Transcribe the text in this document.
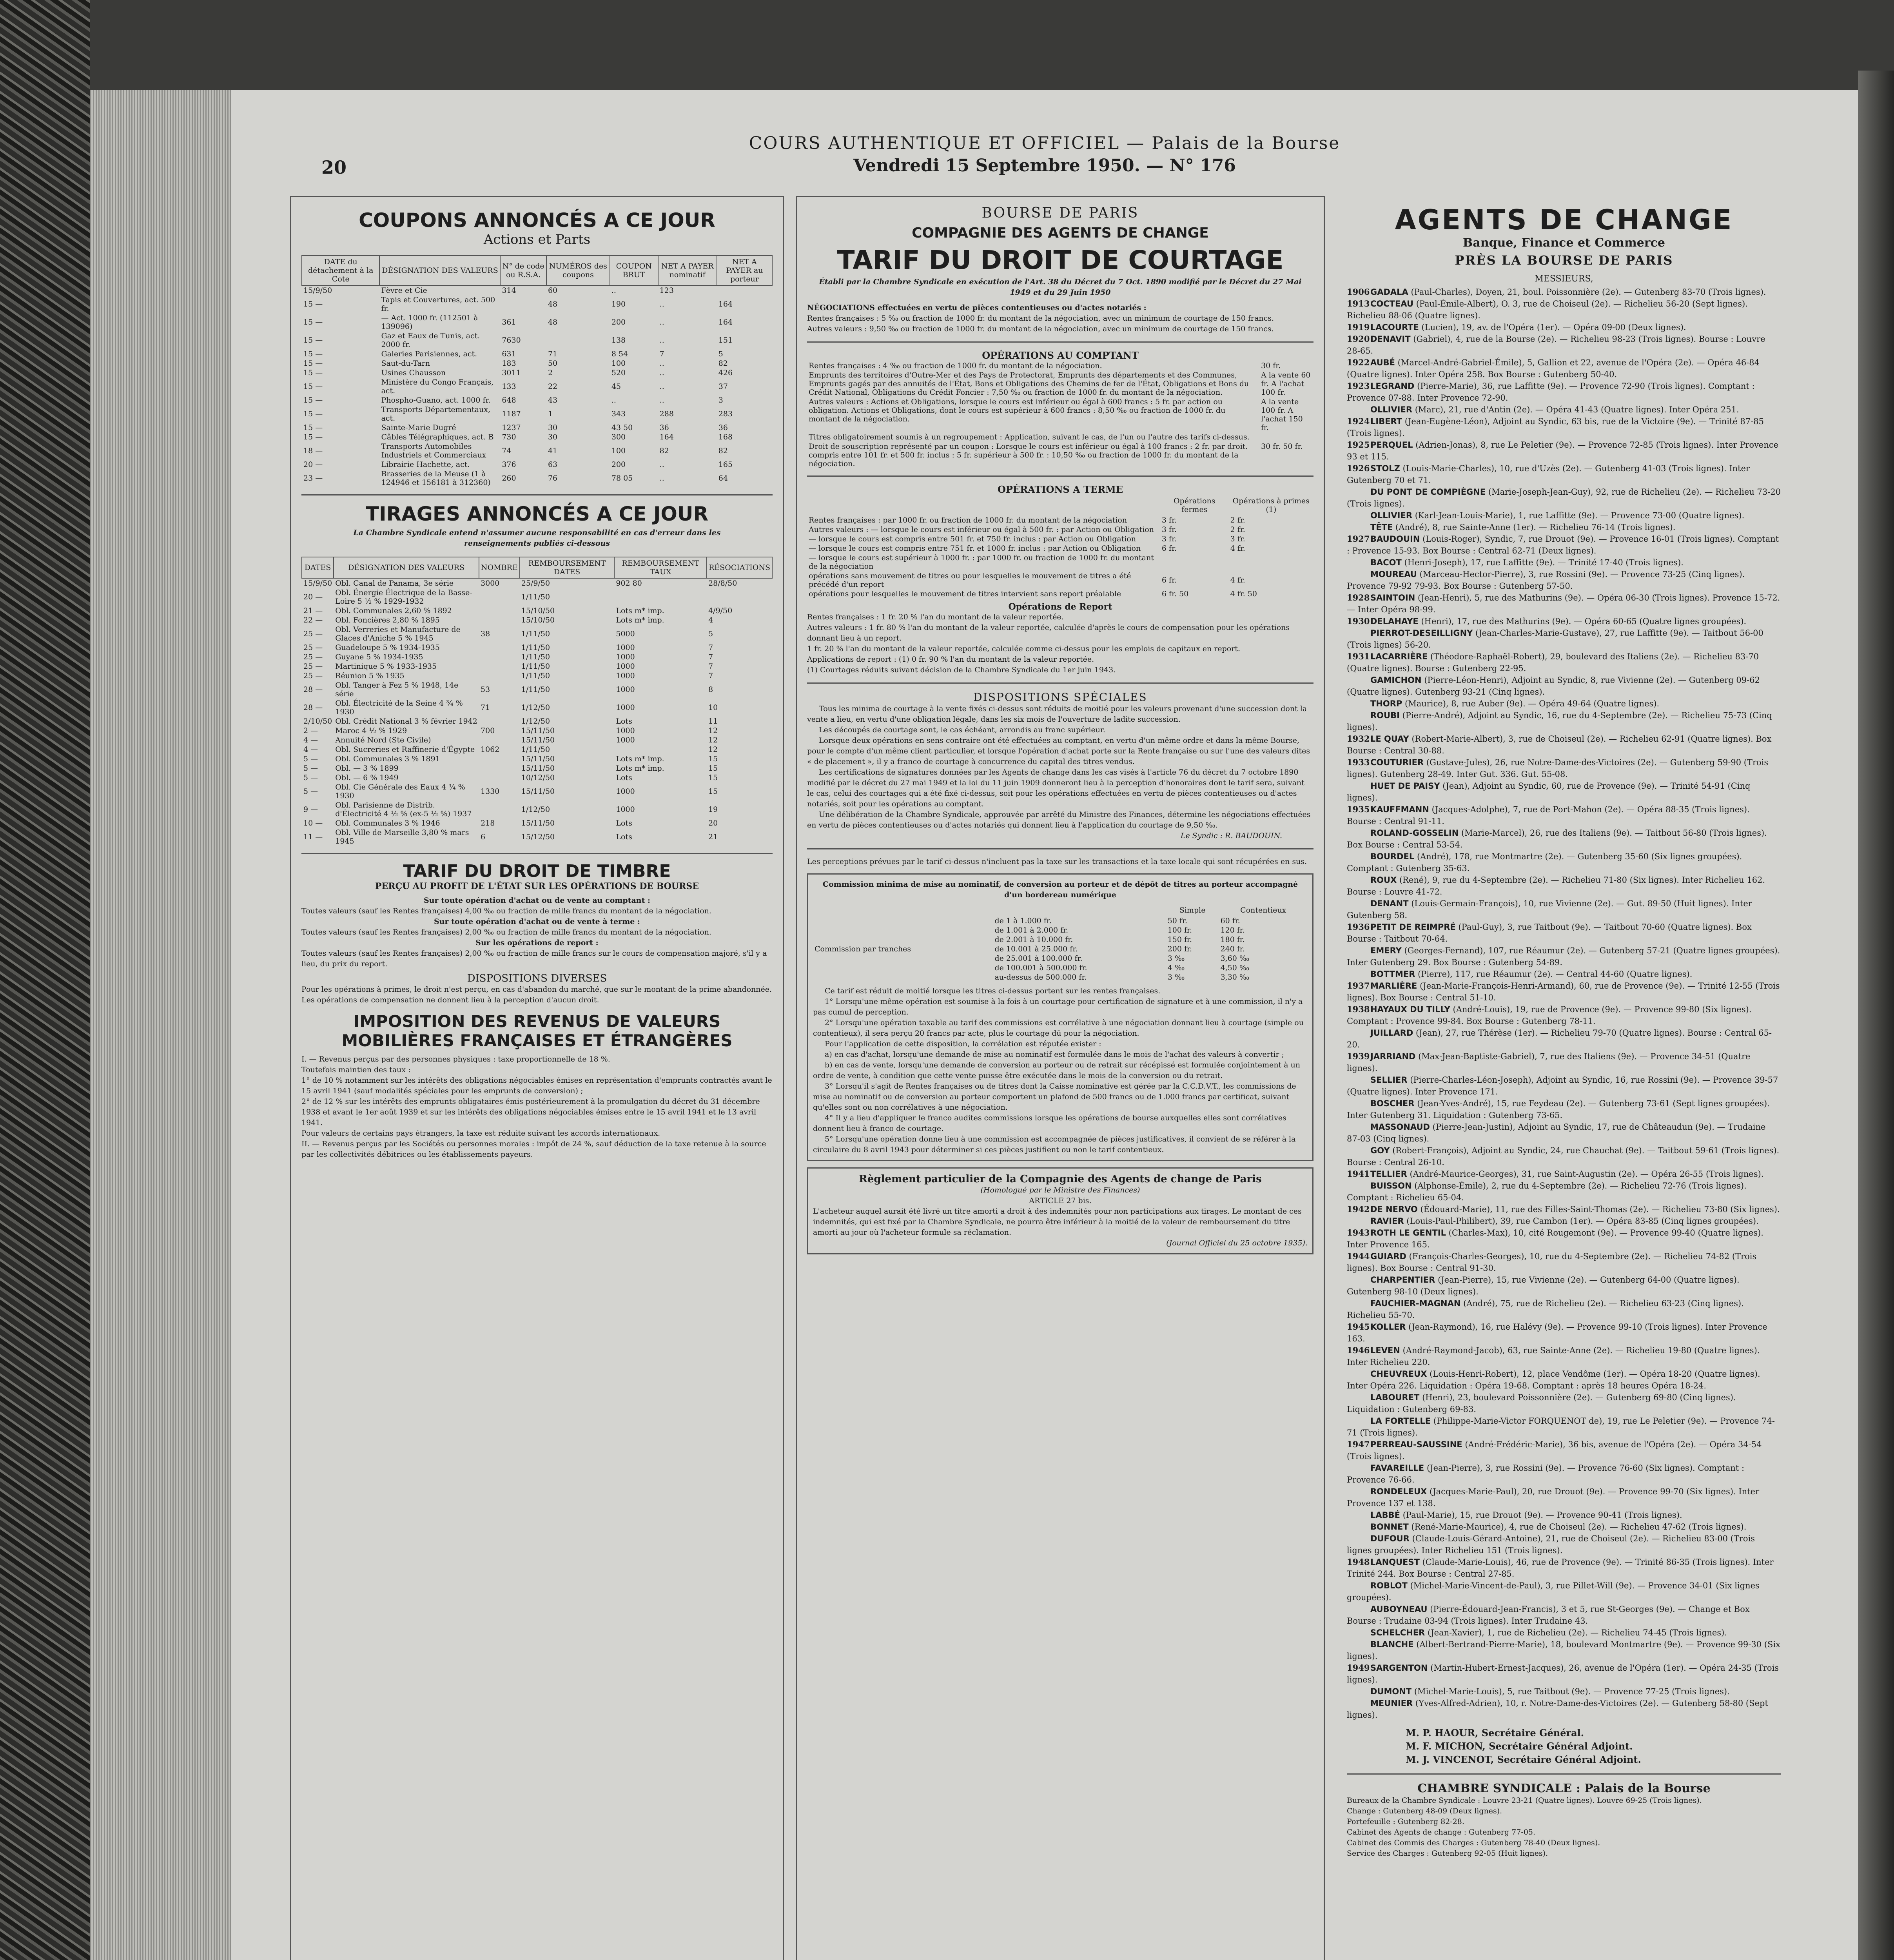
20
COURS AUTHENTIQUE ET OFFICIEL — Palais de la Bourse
Vendredi 15 Septembre 1950. — N° 176
COUPONS ANNONCÉS A CE JOUR
Actions et Parts
DATE du détachement à la Cote	DÉSIGNATION DES VALEURS	N° de code ou R.S.A.	NUMÉROS des coupons	COUPON BRUT	NET A PAYER nominatif	NET A PAYER au porteur
15/9/50	Fèvre et Cie	314	60	..	123	
15 —	Tapis et Couvertures, act. 500 fr.		48	190	..	164
15 —	— Act. 1000 fr. (112501 à 139096)	361	48	200	..	164
15 —	Gaz et Eaux de Tunis, act. 2000 fr.	7630		138	..	151
15 —	Galeries Parisiennes, act.	631	71	8 54	7	5
15 —	Saut-du-Tarn	183	50	100	..	82
15 —	Usines Chausson	3011	2	520	..	426
15 —	Ministère du Congo Français, act.	133	22	45	..	37
15 —	Phospho-Guano, act. 1000 fr.	648	43	..	..	3
15 —	Transports Départementaux, act.	1187	1	343	288	283
15 —	Sainte-Marie Dugré	1237	30	43 50	36	36
15 —	Câbles Télégraphiques, act. B	730	30	300	164	168
18 —	Transports Automobiles Industriels et Commerciaux	74	41	100	82	82
20 —	Librairie Hachette, act.	376	63	200	..	165
23 —	Brasseries de la Meuse (1 à 124946 et 156181 à 312360)	260	76	78 05	..	64
TIRAGES ANNONCÉS A CE JOUR
La Chambre Syndicale entend n'assumer aucune responsabilité en cas d'erreur dans les renseignements publiés ci-dessous
DATES	DÉSIGNATION DES VALEURS	NOMBRE	REMBOURSEMENT DATES	REMBOURSEMENT TAUX	RÉSOCIATIONS
15/9/50	Obl. Canal de Panama, 3e série	3000	25/9/50	902 80	28/8/50
20 —	Obl. Énergie Électrique de la Basse-Loire 5 ½ % 1929-1932		1/11/50		
21 —	Obl. Communales 2,60 % 1892		15/10/50	Lots m* imp.	4/9/50
22 —	Obl. Foncières 2,80 % 1895		15/10/50	Lots m* imp.	4
25 —	Obl. Verreries et Manufacture de Glaces d'Aniche 5 % 1945	38	1/11/50	5000	5
25 —	Guadeloupe 5 % 1934-1935		1/11/50	1000	7
25 —	Guyane 5 % 1934-1935		1/11/50	1000	7
25 —	Martinique 5 % 1933-1935		1/11/50	1000	7
25 —	Réunion 5 % 1935		1/11/50	1000	7
28 —	Obl. Tanger à Fez 5 % 1948, 14e série	53	1/11/50	1000	8
28 —	Obl. Électricité de la Seine 4 ¾ % 1930	71	1/12/50	1000	10
2/10/50	Obl. Crédit National 3 % février 1942		1/12/50	Lots	11
2 —	Maroc 4 ½ % 1929	700	15/11/50	1000	12
4 —	Annuité Nord (Ste Civile)		15/11/50	1000	12
4 —	Obl. Sucreries et Raffinerie d'Égypte	1062	1/11/50		12
5 —	Obl. Communales 3 % 1891		15/11/50	Lots m* imp.	15
5 —	Obl. — 3 % 1899		15/11/50	Lots m* imp.	15
5 —	Obl. — 6 % 1949		10/12/50	Lots	15
5 —	Obl. Cie Générale des Eaux 4 ¾ % 1930	1330	15/11/50	1000	15
9 —	Obl. Parisienne de Distrib. d'Électricité 4 ½ % (ex-5 ½ %) 1937		1/12/50	1000	19
10 —	Obl. Communales 3 % 1946	218	15/11/50	Lots	20
11 —	Obl. Ville de Marseille 3,80 % mars 1945	6	15/12/50	Lots	21
TARIF DU DROIT DE TIMBRE
PERÇU AU PROFIT DE L'ÉTAT SUR LES OPÉRATIONS DE BOURSE
Sur toute opération d'achat ou de vente au comptant :
Toutes valeurs (sauf les Rentes françaises) 4,00 ‰ ou fraction de mille francs du montant de la négociation.
Sur toute opération d'achat ou de vente à terme :
Toutes valeurs (sauf les Rentes françaises) 2,00 ‰ ou fraction de mille francs du montant de la négociation.
Sur les opérations de report :
Toutes valeurs (sauf les Rentes françaises) 2,00 ‰ ou fraction de mille francs sur le cours de compensation majoré, s'il y a lieu, du prix du report.
DISPOSITIONS DIVERSES
Pour les opérations à primes, le droit n'est perçu, en cas d'abandon du marché, que sur le montant de la prime abandonnée.
Les opérations de compensation ne donnent lieu à la perception d'aucun droit.
IMPOSITION DES REVENUS DE VALEURS MOBILIÈRES FRANÇAISES ET ÉTRANGÈRES
I. — Revenus perçus par des personnes physiques : taxe proportionnelle de 18 %.
Toutefois maintien des taux :
1° de 10 % notamment sur les intérêts des obligations négociables émises en représentation d'emprunts contractés avant le 15 avril 1941 (sauf modalités spéciales pour les emprunts de conversion) ;
2° de 12 % sur les intérêts des emprunts obligataires émis postérieurement à la promulgation du décret du 31 décembre 1938 et avant le 1er août 1939 et sur les intérêts des obligations négociables émises entre le 15 avril 1941 et le 13 avril 1941.
Pour valeurs de certains pays étrangers, la taxe est réduite suivant les accords internationaux.
II. — Revenus perçus par les Sociétés ou personnes morales : impôt de 24 %, sauf déduction de la taxe retenue à la source par les collectivités débitrices ou les établissements payeurs.
BOURSE DE PARIS
COMPAGNIE DES AGENTS DE CHANGE
TARIF DU DROIT DE COURTAGE
Établi par la Chambre Syndicale en exécution de l'Art. 38 du Décret du 7 Oct. 1890 modifié par le Décret du 27 Mai 1949 et du 29 Juin 1950
NÉGOCIATIONS effectuées en vertu de pièces contentieuses ou d'actes notariés :
Rentes françaises : 5 ‰ ou fraction de 1000 fr. du montant de la négociation, avec un minimum de courtage de 150 francs.
Autres valeurs : 9,50 ‰ ou fraction de 1000 fr. du montant de la négociation, avec un minimum de courtage de 150 francs.
OPÉRATIONS AU COMPTANT
Rentes françaises : 4 ‰ ou fraction de 1000 fr. du montant de la négociation.	30 fr.
Emprunts des territoires d'Outre-Mer et des Pays de Protectorat, Emprunts des départements et des Communes, Emprunts gagés par des annuités de l'État, Bons et Obligations des Chemins de fer de l'État, Obligations et Bons du Crédit National, Obligations du Crédit Foncier : 7,50 ‰ ou fraction de 1000 fr. du montant de la négociation.	A la vente 60 fr. A l'achat 100 fr.
Autres valeurs : Actions et Obligations, lorsque le cours est inférieur ou égal à 600 francs : 5 fr. par action ou obligation. Actions et Obligations, dont le cours est supérieur à 600 francs : 8,50 ‰ ou fraction de 1000 fr. du montant de la négociation.	A la vente 100 fr. A l'achat 150 fr.
Titres obligatoirement soumis à un regroupement : Application, suivant le cas, de l'un ou l'autre des tarifs ci-dessus.	
Droit de souscription représenté par un coupon : Lorsque le cours est inférieur ou égal à 100 francs : 2 fr. par droit. compris entre 101 fr. et 500 fr. inclus : 5 fr. supérieur à 500 fr. : 10,50 ‰ ou fraction de 1000 fr. du montant de la négociation.	30 fr. 50 fr.
OPÉRATIONS A TERME
	Opérations fermes	Opérations à primes (1)
Rentes françaises : par 1000 fr. ou fraction de 1000 fr. du montant de la négociation	3 fr.	2 fr.
Autres valeurs : — lorsque le cours est inférieur ou égal à 500 fr. : par Action ou Obligation	3 fr.	2 fr.
— lorsque le cours est compris entre 501 fr. et 750 fr. inclus : par Action ou Obligation	3 fr.	3 fr.
— lorsque le cours est compris entre 751 fr. et 1000 fr. inclus : par Action ou Obligation	6 fr.	4 fr.
— lorsque le cours est supérieur à 1000 fr. : par 1000 fr. ou fraction de 1000 fr. du montant de la négociation		
opérations sans mouvement de titres ou pour lesquelles le mouvement de titres a été précédé d'un report	6 fr.	4 fr.
opérations pour lesquelles le mouvement de titres intervient sans report préalable	6 fr. 50	4 fr. 50
Opérations de Report
Rentes françaises : 1 fr. 20 % l'an du montant de la valeur reportée.
Autres valeurs : 1 fr. 80 % l'an du montant de la valeur reportée, calculée d'après le cours de compensation pour les opérations donnant lieu à un report.
1 fr. 20 % l'an du montant de la valeur reportée, calculée comme ci-dessus pour les emplois de capitaux en report.
Applications de report : (1) 0 fr. 90 % l'an du montant de la valeur reportée.
(1) Courtages réduits suivant décision de la Chambre Syndicale du 1er juin 1943.
DISPOSITIONS SPÉCIALES
Tous les minima de courtage à la vente fixés ci-dessus sont réduits de moitié pour les valeurs provenant d'une succession dont la vente a lieu, en vertu d'une obligation légale, dans les six mois de l'ouverture de ladite succession.
Les découpés de courtage sont, le cas échéant, arrondis au franc supérieur.
Lorsque deux opérations en sens contraire ont été effectuées au comptant, en vertu d'un même ordre et dans la même Bourse, pour le compte d'un même client particulier, et lorsque l'opération d'achat porte sur la Rente française ou sur l'une des valeurs dites « de placement », il y a franco de courtage à concurrence du capital des titres vendus.
Les certifications de signatures données par les Agents de change dans les cas visés à l'article 76 du décret du 7 octobre 1890 modifié par le décret du 27 mai 1949 et la loi du 11 juin 1909 donneront lieu à la perception d'honoraires dont le tarif sera, suivant le cas, celui des courtages qui a été fixé ci-dessus, soit pour les opérations effectuées en vertu de pièces contentieuses ou d'actes notariés, soit pour les opérations au comptant.
Une délibération de la Chambre Syndicale, approuvée par arrêté du Ministre des Finances, détermine les négociations effectuées en vertu de pièces contentieuses ou d'actes notariés qui donnent lieu à l'application du courtage de 9,50 ‰.
Le Syndic : R. BAUDOUIN.
Les perceptions prévues par le tarif ci-dessus n'incluent pas la taxe sur les transactions et la taxe locale qui sont récupérées en sus.
Commission minima de mise au nominatif, de conversion au porteur et de dépôt de titres au porteur accompagné d'un bordereau numérique
		Simple	Contentieux
	de 1 à 1.000 fr.	50 fr.	60 fr.
	de 1.001 à 2.000 fr.	100 fr.	120 fr.
	de 2.001 à 10.000 fr.	150 fr.	180 fr.
Commission par tranches	de 10.001 à 25.000 fr.	200 fr.	240 fr.
	de 25.001 à 100.000 fr.	3 ‰	3,60 ‰
	de 100.001 à 500.000 fr.	4 ‰	4,50 ‰
	au-dessus de 500.000 fr.	3 ‰	3,30 ‰
Ce tarif est réduit de moitié lorsque les titres ci-dessus portent sur les rentes françaises.
1° Lorsqu'une même opération est soumise à la fois à un courtage pour certification de signature et à une commission, il n'y a pas cumul de perception.
2° Lorsqu'une opération taxable au tarif des commissions est corrélative à une négociation donnant lieu à courtage (simple ou contentieux), il sera perçu 20 francs par acte, plus le courtage dû pour la négociation.
Pour l'application de cette disposition, la corrélation est réputée exister :
a) en cas d'achat, lorsqu'une demande de mise au nominatif est formulée dans le mois de l'achat des valeurs à convertir ;
b) en cas de vente, lorsqu'une demande de conversion au porteur ou de retrait sur récépissé est formulée conjointement à un ordre de vente, à condition que cette vente puisse être exécutée dans le mois de la conversion ou du retrait.
3° Lorsqu'il s'agit de Rentes françaises ou de titres dont la Caisse nominative est gérée par la C.C.D.V.T., les commissions de mise au nominatif ou de conversion au porteur comportent un plafond de 500 francs ou de 1.000 francs par certificat, suivant qu'elles sont ou non corrélatives à une négociation.
4° Il y a lieu d'appliquer le franco audites commissions lorsque les opérations de bourse auxquelles elles sont corrélatives donnent lieu à franco de courtage.
5° Lorsqu'une opération donne lieu à une commission est accompagnée de pièces justificatives, il convient de se référer à la circulaire du 8 avril 1943 pour déterminer si ces pièces justifient ou non le tarif contentieux.
Règlement particulier de la Compagnie des Agents de change de Paris
(Homologué par le Ministre des Finances)
ARTICLE 27 bis.
L'acheteur auquel aurait été livré un titre amorti a droit à des indemnités pour non participations aux tirages. Le montant de ces indemnités, qui est fixé par la Chambre Syndicale, ne pourra être inférieur à la moitié de la valeur de remboursement du titre amorti au jour où l'acheteur formule sa réclamation.
(Journal Officiel du 25 octobre 1935).
AGENTS DE CHANGE
Banque, Finance et Commerce
PRÈS LA BOURSE DE PARIS
MESSIEURS,
1906GADALA (Paul-Charles), Doyen, 21, boul. Poissonnière (2e). — Gutenberg 83-70 (Trois lignes).
1913COCTEAU (Paul-Émile-Albert), O. 3, rue de Choiseul (2e). — Richelieu 56-20 (Sept lignes). Richelieu 88-06 (Quatre lignes).
1919LACOURTE (Lucien), 19, av. de l'Opéra (1er). — Opéra 09-00 (Deux lignes).
1920DENAVIT (Gabriel), 4, rue de la Bourse (2e). — Richelieu 98-23 (Trois lignes). Bourse : Louvre 28-65.
1922AUBÉ (Marcel-André-Gabriel-Émile), 5, Gallion et 22, avenue de l'Opéra (2e). — Opéra 46-84 (Quatre lignes). Inter Opéra 258. Box Bourse : Gutenberg 50-40.
1923LEGRAND (Pierre-Marie), 36, rue Laffitte (9e). — Provence 72-90 (Trois lignes). Comptant : Provence 07-88. Inter Provence 72-90.
OLLIVIER (Marc), 21, rue d'Antin (2e). — Opéra 41-43 (Quatre lignes). Inter Opéra 251.
1924LIBERT (Jean-Eugène-Léon), Adjoint au Syndic, 63 bis, rue de la Victoire (9e). — Trinité 87-85 (Trois lignes).
1925PERQUEL (Adrien-Jonas), 8, rue Le Peletier (9e). — Provence 72-85 (Trois lignes). Inter Provence 93 et 115.
1926STOLZ (Louis-Marie-Charles), 10, rue d'Uzès (2e). — Gutenberg 41-03 (Trois lignes). Inter Gutenberg 70 et 71.
DU PONT DE COMPIÈGNE (Marie-Joseph-Jean-Guy), 92, rue de Richelieu (2e). — Richelieu 73-20 (Trois lignes).
OLLIVIER (Karl-Jean-Louis-Marie), 1, rue Laffitte (9e). — Provence 73-00 (Quatre lignes).
TÊTE (André), 8, rue Sainte-Anne (1er). — Richelieu 76-14 (Trois lignes).
1927BAUDOUIN (Louis-Roger), Syndic, 7, rue Drouot (9e). — Provence 16-01 (Trois lignes). Comptant : Provence 15-93. Box Bourse : Central 62-71 (Deux lignes).
BACOT (Henri-Joseph), 17, rue Laffitte (9e). — Trinité 17-40 (Trois lignes).
MOUREAU (Marceau-Hector-Pierre), 3, rue Rossini (9e). — Provence 73-25 (Cinq lignes). Provence 79-92 79-93. Box Bourse : Gutenberg 57-50.
1928SAINTOIN (Jean-Henri), 5, rue des Mathurins (9e). — Opéra 06-30 (Trois lignes). Provence 15-72. — Inter Opéra 98-99.
1930DELAHAYE (Henri), 17, rue des Mathurins (9e). — Opéra 60-65 (Quatre lignes groupées).
PIERROT-DESEILLIGNY (Jean-Charles-Marie-Gustave), 27, rue Laffitte (9e). — Taitbout 56-00 (Trois lignes) 56-20.
1931LACARRIÈRE (Théodore-Raphaël-Robert), 29, boulevard des Italiens (2e). — Richelieu 83-70 (Quatre lignes). Bourse : Gutenberg 22-95.
GAMICHON (Pierre-Léon-Henri), Adjoint au Syndic, 8, rue Vivienne (2e). — Gutenberg 09-62 (Quatre lignes). Gutenberg 93-21 (Cinq lignes).
THORP (Maurice), 8, rue Auber (9e). — Opéra 49-64 (Quatre lignes).
ROUBI (Pierre-André), Adjoint au Syndic, 16, rue du 4-Septembre (2e). — Richelieu 75-73 (Cinq lignes).
1932LE QUAY (Robert-Marie-Albert), 3, rue de Choiseul (2e). — Richelieu 62-91 (Quatre lignes). Box Bourse : Central 30-88.
1933COUTURIER (Gustave-Jules), 26, rue Notre-Dame-des-Victoires (2e). — Gutenberg 59-90 (Trois lignes). Gutenberg 28-49. Inter Gut. 336. Gut. 55-08.
HUET DE PAISY (Jean), Adjoint au Syndic, 60, rue de Provence (9e). — Trinité 54-91 (Cinq lignes).
1935KAUFFMANN (Jacques-Adolphe), 7, rue de Port-Mahon (2e). — Opéra 88-35 (Trois lignes). Bourse : Central 91-11.
ROLAND-GOSSELIN (Marie-Marcel), 26, rue des Italiens (9e). — Taitbout 56-80 (Trois lignes). Box Bourse : Central 53-54.
BOURDEL (André), 178, rue Montmartre (2e). — Gutenberg 35-60 (Six lignes groupées). Comptant : Gutenberg 35-63.
ROUX (René), 9, rue du 4-Septembre (2e). — Richelieu 71-80 (Six lignes). Inter Richelieu 162. Bourse : Louvre 41-72.
DENANT (Louis-Germain-François), 10, rue Vivienne (2e). — Gut. 89-50 (Huit lignes). Inter Gutenberg 58.
1936PETIT DE REIMPRÉ (Paul-Guy), 3, rue Taitbout (9e). — Taitbout 70-60 (Quatre lignes). Box Bourse : Taitbout 70-64.
EMERY (Georges-Fernand), 107, rue Réaumur (2e). — Gutenberg 57-21 (Quatre lignes groupées). Inter Gutenberg 29. Box Bourse : Gutenberg 54-89.
BOTTMER (Pierre), 117, rue Réaumur (2e). — Central 44-60 (Quatre lignes).
1937MARLIÈRE (Jean-Marie-François-Henri-Armand), 60, rue de Provence (9e). — Trinité 12-55 (Trois lignes). Box Bourse : Central 51-10.
1938HAYAUX DU TILLY (André-Louis), 19, rue de Provence (9e). — Provence 99-80 (Six lignes). Comptant : Provence 99-84. Box Bourse : Gutenberg 78-11.
JUILLARD (Jean), 27, rue Thérèse (1er). — Richelieu 79-70 (Quatre lignes). Bourse : Central 65-20.
1939JARRIAND (Max-Jean-Baptiste-Gabriel), 7, rue des Italiens (9e). — Provence 34-51 (Quatre lignes).
SELLIER (Pierre-Charles-Léon-Joseph), Adjoint au Syndic, 16, rue Rossini (9e). — Provence 39-57 (Quatre lignes). Inter Provence 171.
BOSCHER (Jean-Yves-André), 15, rue Feydeau (2e). — Gutenberg 73-61 (Sept lignes groupées). Inter Gutenberg 31. Liquidation : Gutenberg 73-65.
MASSONAUD (Pierre-Jean-Justin), Adjoint au Syndic, 17, rue de Châteaudun (9e). — Trudaine 87-03 (Cinq lignes).
GOY (Robert-François), Adjoint au Syndic, 24, rue Chauchat (9e). — Taitbout 59-61 (Trois lignes). Bourse : Central 26-10.
1941TELLIER (André-Maurice-Georges), 31, rue Saint-Augustin (2e). — Opéra 26-55 (Trois lignes).
BUISSON (Alphonse-Émile), 2, rue du 4-Septembre (2e). — Richelieu 72-76 (Trois lignes). Comptant : Richelieu 65-04.
1942DE NERVO (Édouard-Marie), 11, rue des Filles-Saint-Thomas (2e). — Richelieu 73-80 (Six lignes).
RAVIER (Louis-Paul-Philibert), 39, rue Cambon (1er). — Opéra 83-85 (Cinq lignes groupées).
1943ROTH LE GENTIL (Charles-Max), 10, cité Rougemont (9e). — Provence 99-40 (Quatre lignes). Inter Provence 165.
1944GUIARD (François-Charles-Georges), 10, rue du 4-Septembre (2e). — Richelieu 74-82 (Trois lignes). Box Bourse : Central 91-30.
CHARPENTIER (Jean-Pierre), 15, rue Vivienne (2e). — Gutenberg 64-00 (Quatre lignes). Gutenberg 98-10 (Deux lignes).
FAUCHIER-MAGNAN (André), 75, rue de Richelieu (2e). — Richelieu 63-23 (Cinq lignes). Richelieu 55-70.
1945KOLLER (Jean-Raymond), 16, rue Halévy (9e). — Provence 99-10 (Trois lignes). Inter Provence 163.
1946LEVEN (André-Raymond-Jacob), 63, rue Sainte-Anne (2e). — Richelieu 19-80 (Quatre lignes). Inter Richelieu 220.
CHEUVREUX (Louis-Henri-Robert), 12, place Vendôme (1er). — Opéra 18-20 (Quatre lignes). Inter Opéra 226. Liquidation : Opéra 19-68. Comptant : après 18 heures Opéra 18-24.
LABOURET (Henri), 23, boulevard Poissonnière (2e). — Gutenberg 69-80 (Cinq lignes). Liquidation : Gutenberg 69-83.
LA FORTELLE (Philippe-Marie-Victor FORQUENOT de), 19, rue Le Peletier (9e). — Provence 74-71 (Trois lignes).
1947PERREAU-SAUSSINE (André-Frédéric-Marie), 36 bis, avenue de l'Opéra (2e). — Opéra 34-54 (Trois lignes).
FAVAREILLE (Jean-Pierre), 3, rue Rossini (9e). — Provence 76-60 (Six lignes). Comptant : Provence 76-66.
RONDELEUX (Jacques-Marie-Paul), 20, rue Drouot (9e). — Provence 99-70 (Six lignes). Inter Provence 137 et 138.
LABBÉ (Paul-Marie), 15, rue Drouot (9e). — Provence 90-41 (Trois lignes).
BONNET (René-Marie-Maurice), 4, rue de Choiseul (2e). — Richelieu 47-62 (Trois lignes).
DUFOUR (Claude-Louis-Gérard-Antoine), 21, rue de Choiseul (2e). — Richelieu 83-00 (Trois lignes groupées). Inter Richelieu 151 (Trois lignes).
1948LANQUEST (Claude-Marie-Louis), 46, rue de Provence (9e). — Trinité 86-35 (Trois lignes). Inter Trinité 244. Box Bourse : Central 27-85.
ROBLOT (Michel-Marie-Vincent-de-Paul), 3, rue Pillet-Will (9e). — Provence 34-01 (Six lignes groupées).
AUBOYNEAU (Pierre-Édouard-Jean-Francis), 3 et 5, rue St-Georges (9e). — Change et Box Bourse : Trudaine 03-94 (Trois lignes). Inter Trudaine 43.
SCHELCHER (Jean-Xavier), 1, rue de Richelieu (2e). — Richelieu 74-45 (Trois lignes).
BLANCHE (Albert-Bertrand-Pierre-Marie), 18, boulevard Montmartre (9e). — Provence 99-30 (Six lignes).
1949SARGENTON (Martin-Hubert-Ernest-Jacques), 26, avenue de l'Opéra (1er). — Opéra 24-35 (Trois lignes).
DUMONT (Michel-Marie-Louis), 5, rue Taitbout (9e). — Provence 77-25 (Trois lignes).
MEUNIER (Yves-Alfred-Adrien), 10, r. Notre-Dame-des-Victoires (2e). — Gutenberg 58-80 (Sept lignes).
M. P. HAOUR, Secrétaire Général.
M. F. MICHON, Secrétaire Général Adjoint.
M. J. VINCENOT, Secrétaire Général Adjoint.
CHAMBRE SYNDICALE : Palais de la Bourse
Bureaux de la Chambre Syndicale : Louvre 23-21 (Quatre lignes). Louvre 69-25 (Trois lignes).
Change : Gutenberg 48-09 (Deux lignes).
Portefeuille : Gutenberg 82-28.
Cabinet des Agents de change : Gutenberg 77-05.
Cabinet des Commis des Charges : Gutenberg 78-40 (Deux lignes).
Service des Charges : Gutenberg 92-05 (Huit lignes).
